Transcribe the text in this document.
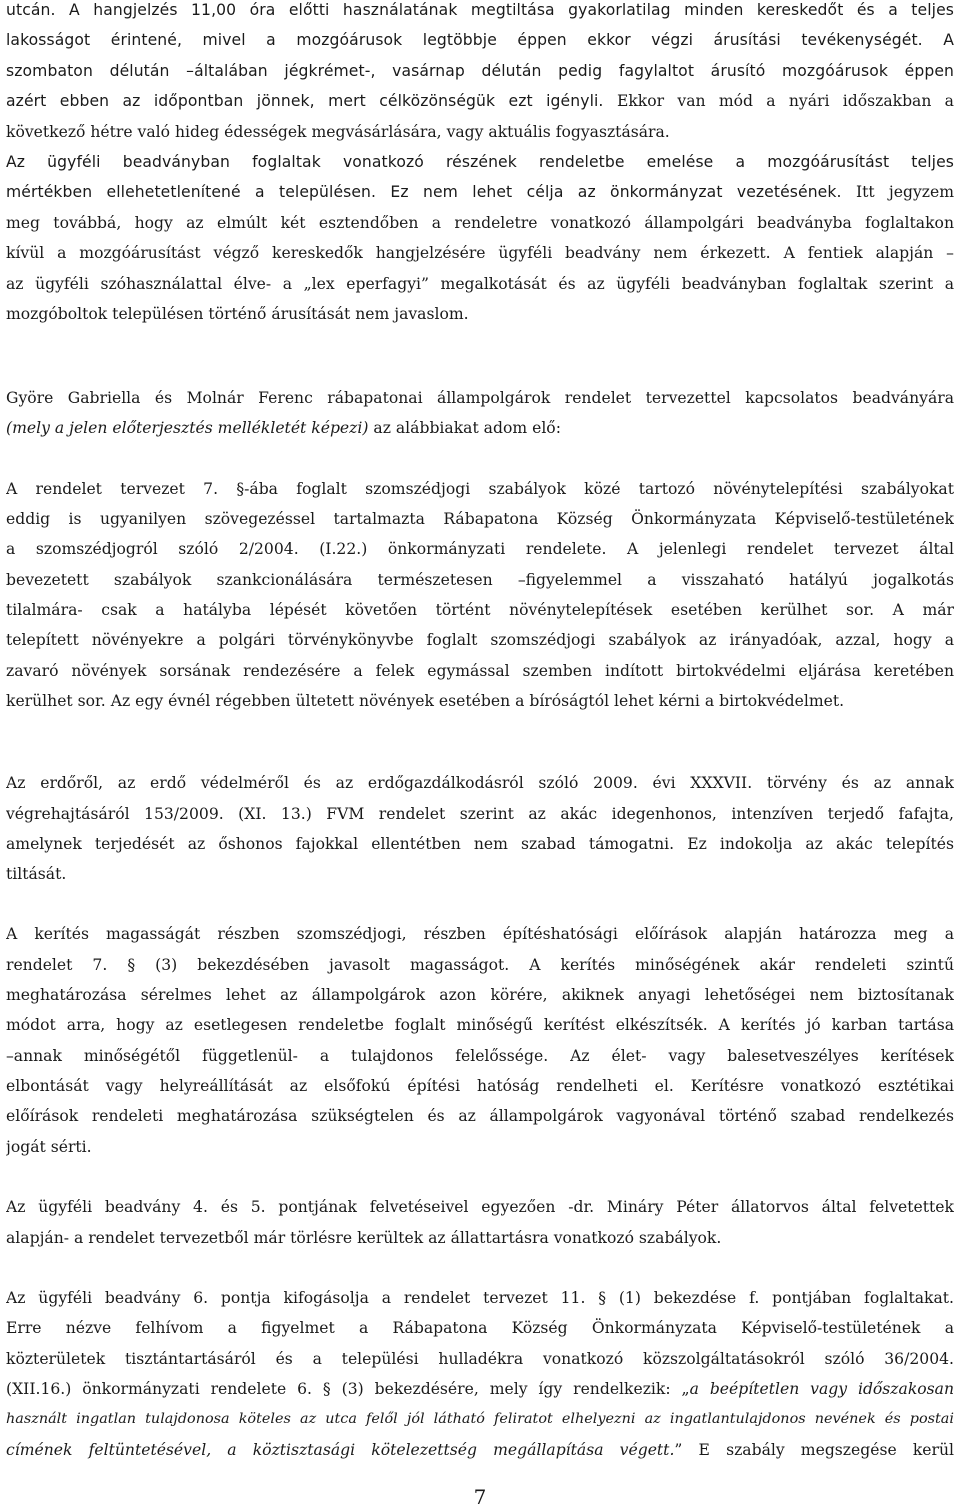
utcán. A hangjelzés 11,00 óra előtti használatának megtiltása gyakorlatilag minden kereskedőt és a teljes
lakosságot érintené, mivel a mozgóárusok legtöbbje éppen ekkor végzi árusítási tevékenységét. A
szombaton délután –általában jégkrémet-, vasárnap délután pedig fagylaltot árusító mozgóárusok éppen
azért ebben az időpontban jönnek, mert célközönségük ezt igényli. Ekkor van mód a nyári időszakban a
következő hétre való hideg édességek megvásárlására, vagy aktuális fogyasztására.
Az ügyféli beadványban foglaltak vonatkozó részének rendeletbe emelése a mozgóárusítást teljes
mértékben ellehetetlenítené a településen. Ez nem lehet célja az önkormányzat vezetésének. Itt jegyzem
meg továbbá, hogy az elmúlt két esztendőben a rendeletre vonatkozó állampolgári beadványba foglaltakon
kívül a mozgóárusítást végző kereskedők hangjelzésére ügyféli beadvány nem érkezett. A fentiek alapján –
az ügyféli szóhasználattal élve- a „lex eperfagyi” megalkotását és az ügyféli beadványban foglaltak szerint a
mozgóboltok településen történő árusítását nem javaslom.
Györe Gabriella és Molnár Ferenc rábapatonai állampolgárok rendelet tervezettel kapcsolatos beadványára
(mely a jelen előterjesztés mellékletét képezi) az alábbiakat adom elő:
A rendelet tervezet 7. §-ába foglalt szomszédjogi szabályok közé tartozó növénytelepítési szabályokat
eddig is ugyanilyen szövegezéssel tartalmazta Rábapatona Község Önkormányzata Képviselő-testületének
a szomszédjogról szóló 2/2004. (I.22.) önkormányzati rendelete. A jelenlegi rendelet tervezet által
bevezetett szabályok szankcionálására természetesen –figyelemmel a visszaható hatályú jogalkotás
tilalmára- csak a hatályba lépését követően történt növénytelepítések esetében kerülhet sor. A már
telepített növényekre a polgári törvénykönyvbe foglalt szomszédjogi szabályok az irányadóak, azzal, hogy a
zavaró növények sorsának rendezésére a felek egymással szemben indított birtokvédelmi eljárása keretében
kerülhet sor. Az egy évnél régebben ültetett növények esetében a bíróságtól lehet kérni a birtokvédelmet.
Az erdőről, az erdő védelméről és az erdőgazdálkodásról szóló 2009. évi XXXVII. törvény és az annak
végrehajtásáról 153/2009. (XI. 13.) FVM rendelet szerint az akác idegenhonos, intenzíven terjedő fafajta,
amelynek terjedését az őshonos fajokkal ellentétben nem szabad támogatni. Ez indokolja az akác telepítés
tiltását.
A kerítés magasságát részben szomszédjogi, részben építéshatósági előírások alapján határozza meg a
rendelet 7. § (3) bekezdésében javasolt magasságot. A kerítés minőségének akár rendeleti szintű
meghatározása sérelmes lehet az állampolgárok azon körére, akiknek anyagi lehetőségei nem biztosítanak
módot arra, hogy az esetlegesen rendeletbe foglalt minőségű kerítést elkészítsék. A kerítés jó karban tartása
–annak minőségétől függetlenül- a tulajdonos felelőssége. Az élet- vagy balesetveszélyes kerítések
elbontását vagy helyreállítását az elsőfokú építési hatóság rendelheti el. Kerítésre vonatkozó esztétikai
előírások rendeleti meghatározása szükségtelen és az állampolgárok vagyonával történő szabad rendelkezés
jogát sérti.
Az ügyféli beadvány 4. és 5. pontjának felvetéseivel egyezően -dr. Mináry Péter állatorvos által felvetettek
alapján- a rendelet tervezetből már törlésre kerültek az állattartásra vonatkozó szabályok.
Az ügyféli beadvány 6. pontja kifogásolja a rendelet tervezet 11. § (1) bekezdése f. pontjában foglaltakat.
Erre nézve felhívom a figyelmet a Rábapatona Község Önkormányzata Képviselő-testületének a
közterületek tisztántartásáról és a települési hulladékra vonatkozó közszolgáltatásokról szóló 36/2004.
(XII.16.) önkormányzati rendelete 6. § (3) bekezdésére, mely így rendelkezik: „a beépítetlen vagy időszakosan
használt ingatlan tulajdonosa köteles az utca felől jól látható feliratot elhelyezni az ingatlantulajdonos nevének és postai
címének feltüntetésével, a köztisztasági kötelezettség megállapítása végett.” E szabály megszegése kerül
7
